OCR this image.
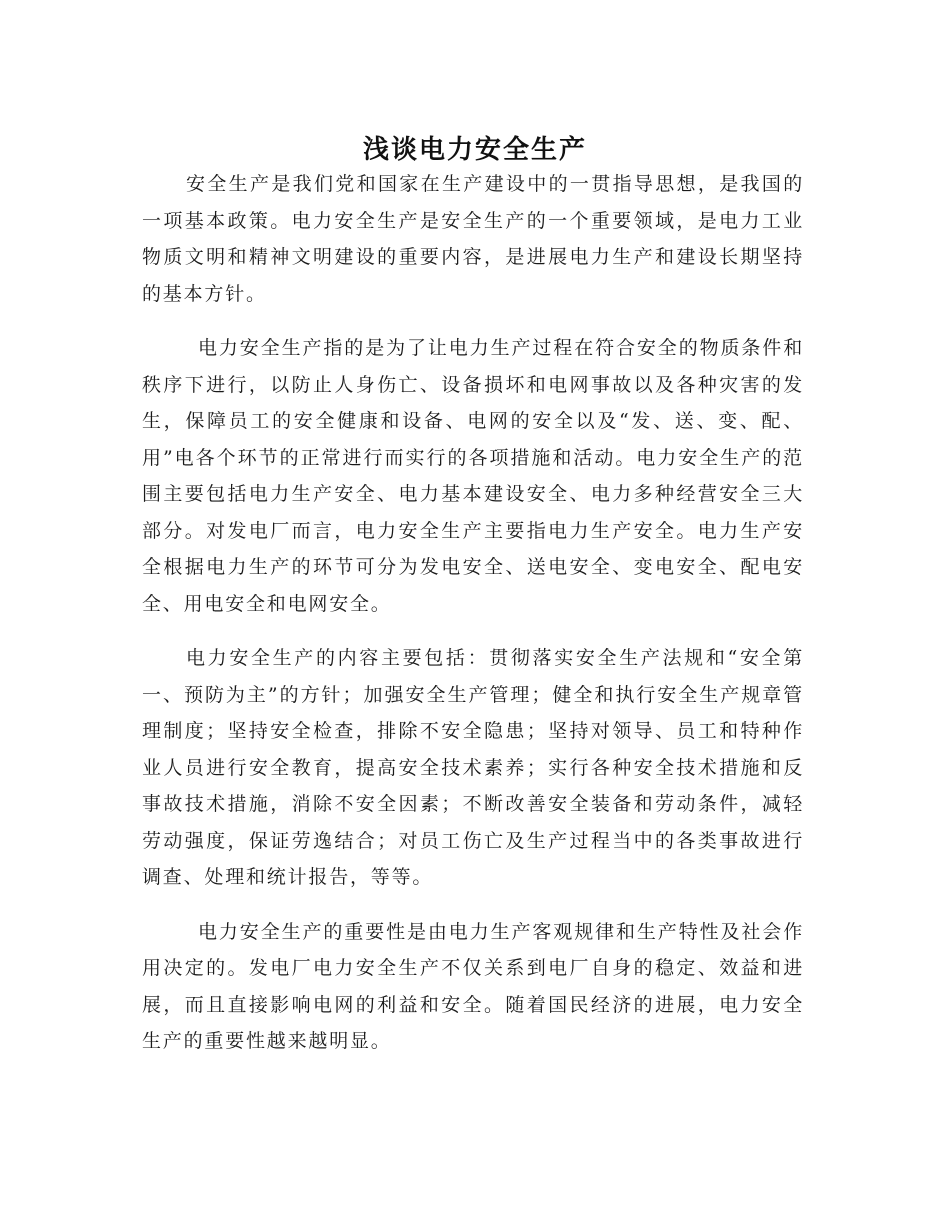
浅谈电力安全生产

安全生产是我们党和国家在生产建设中的一贯指导思想，是我国的一项基本政策。电力安全生产是安全生产的一个重要领域，是电力工业物质文明和精神文明建设的重要内容，是进展电力生产和建设长期坚持的基本方针。

电力安全生产指的是为了让电力生产过程在符合安全的物质条件和秩序下进行，以防止人身伤亡、设备损坏和电网事故以及各种灾害的发生，保障员工的安全健康和设备、电网的安全以及“发、送、变、配、用”电各个环节的正常进行而实行的各项措施和活动。电力安全生产的范围主要包括电力生产安全、电力基本建设安全、电力多种经营安全三大部分。对发电厂而言，电力安全生产主要指电力生产安全。电力生产安全根据电力生产的环节可分为发电安全、送电安全、变电安全、配电安全、用电安全和电网安全。

电力安全生产的内容主要包括：贯彻落实安全生产法规和“安全第一、预防为主”的方针；加强安全生产管理；健全和执行安全生产规章管理制度；坚持安全检查，排除不安全隐患；坚持对领导、员工和特种作业人员进行安全教育，提高安全技术素养；实行各种安全技术措施和反事故技术措施，消除不安全因素；不断改善安全装备和劳动条件，减轻劳动强度，保证劳逸结合；对员工伤亡及生产过程当中的各类事故进行调查、处理和统计报告，等等。

电力安全生产的重要性是由电力生产客观规律和生产特性及社会作用决定的。发电厂电力安全生产不仅关系到电厂自身的稳定、效益和进展，而且直接影响电网的利益和安全。随着国民经济的进展，电力安全生产的重要性越来越明显。
